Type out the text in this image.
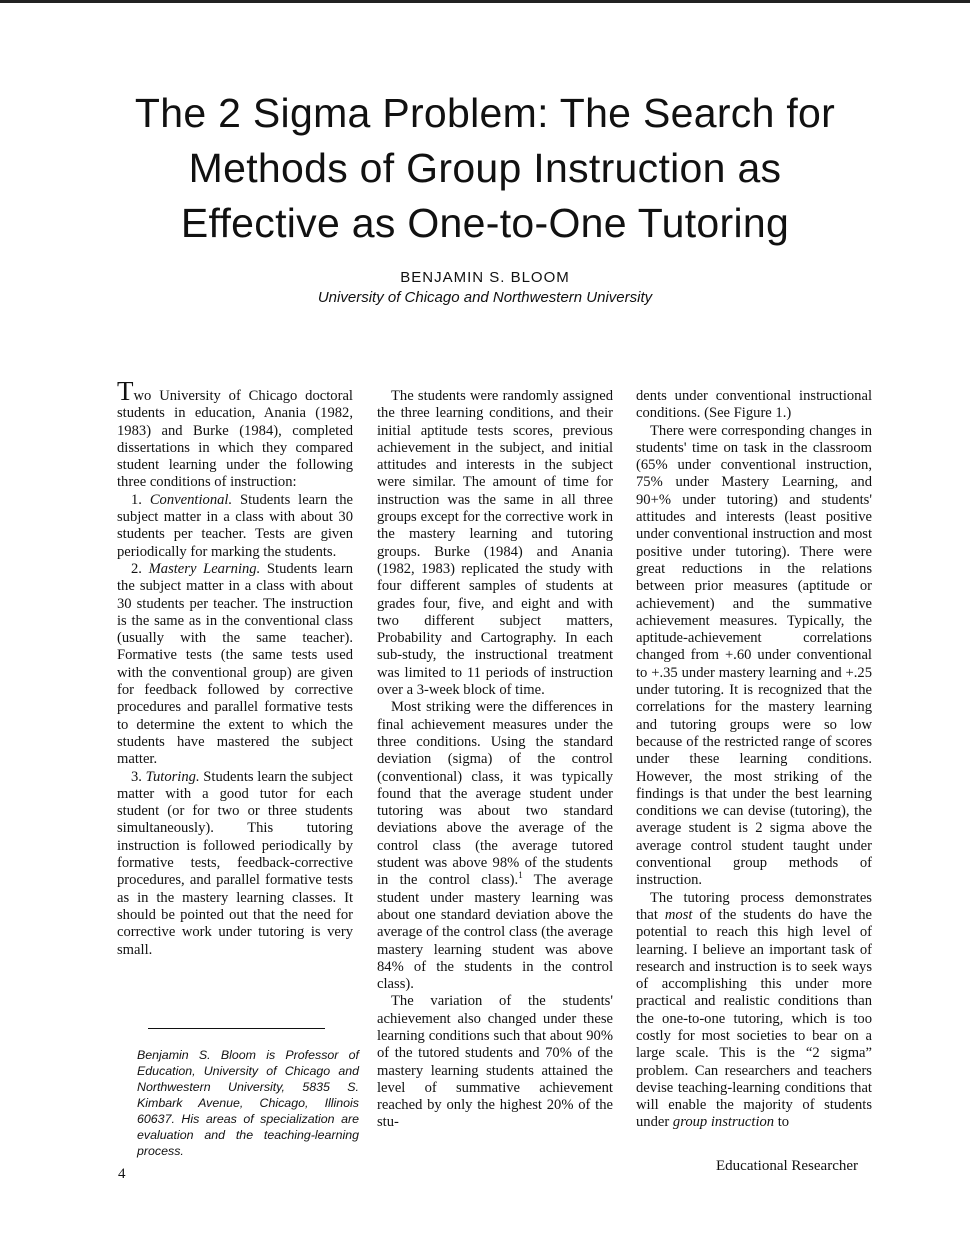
The 2 Sigma Problem: The Search for
Methods of Group Instruction as
Effective as One-to-One Tutoring
BENJAMIN S. BLOOM
University of Chicago and Northwestern University

Two University of Chicago doctoral students in education, Anania (1982, 1983) and Burke (1984), completed dissertations in which they compared student learning under the following three conditions of instruction:

1. Conventional. Students learn the subject matter in a class with about 30 students per teacher. Tests are given periodically for marking the students.

2. Mastery Learning. Students learn the subject matter in a class with about 30 students per teacher. The instruction is the same as in the conventional class (usually with the same teacher). Formative tests (the same tests used with the conventional group) are given for feedback followed by corrective procedures and parallel formative tests to determine the extent to which the students have mastered the subject matter.

3. Tutoring. Students learn the subject matter with a good tutor for each student (or for two or three students simultaneously). This tutoring instruction is followed periodically by formative tests, feedback-corrective procedures, and parallel formative tests as in the mastery learning classes. It should be pointed out that the need for corrective work under tutoring is very small.

Benjamin S. Bloom is Professor of Education, University of Chicago and Northwestern University, 5835 S. Kimbark Avenue, Chicago, Illinois 60637. His areas of specialization are evaluation and the teaching-learning process.

The students were randomly assigned the three learning conditions, and their initial aptitude tests scores, previous achievement in the subject, and initial attitudes and interests in the subject were similar. The amount of time for instruction was the same in all three groups except for the corrective work in the mastery learning and tutoring groups. Burke (1984) and Anania (1982, 1983) replicated the study with four different samples of students at grades four, five, and eight and with two different subject matters, Probability and Cartography. In each sub-study, the instructional treatment was limited to 11 periods of instruction over a 3-week block of time.

Most striking were the differences in final achievement measures under the three conditions. Using the standard deviation (sigma) of the control (conventional) class, it was typically found that the average student under tutoring was about two standard deviations above the average of the control class (the average tutored student was above 98% of the students in the control class).$^1$ The average student under mastery learning was about one standard deviation above the average of the control class (the average mastery learning student was above 84% of the students in the control class).

The variation of the students' achievement also changed under these learning conditions such that about 90% of the tutored students and 70% of the mastery learning students attained the level of summative achievement reached by only the highest 20% of the stu-

dents under conventional instructional conditions. (See Figure 1.)

There were corresponding changes in students' time on task in the classroom (65% under conventional instruction, 75% under Mastery Learning, and 90+% under tutoring) and students' attitudes and interests (least positive under conventional instruction and most positive under tutoring). There were great reductions in the relations between prior measures (aptitude or achievement) and the summative achievement measures. Typically, the aptitude-achievement correlations changed from +.60 under conventional to +.35 under mastery learning and +.25 under tutoring. It is recognized that the correlations for the mastery learning and tutoring groups were so low because of the restricted range of scores under these learning conditions. However, the most striking of the findings is that under the best learning conditions we can devise (tutoring), the average student is 2 sigma above the average control student taught under conventional group methods of instruction.

The tutoring process demonstrates that most of the students do have the potential to reach this high level of learning. I believe an important task of research and instruction is to seek ways of accomplishing this under more practical and realistic conditions than the one-to-one tutoring, which is too costly for most societies to bear on a large scale. This is the “2 sigma” problem. Can researchers and teachers devise teaching-learning conditions that will enable the majority of students under group instruction to

4	Educational Researcher
